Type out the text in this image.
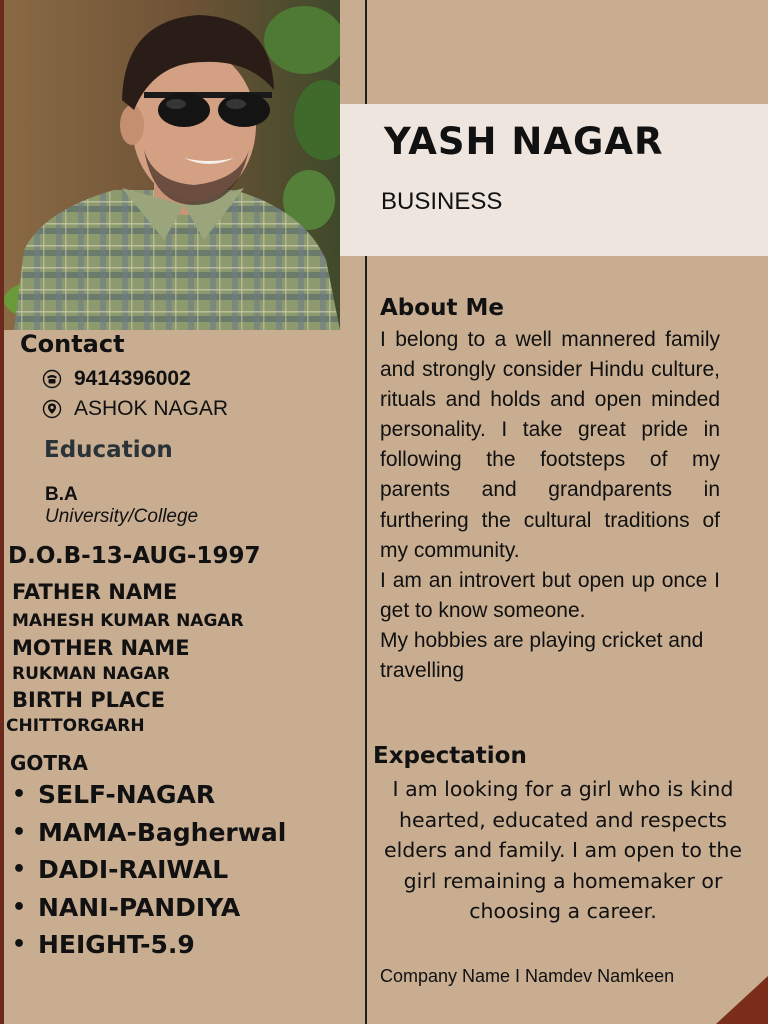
YASH NAGAR
BUSINESS
Contact
9414396002
ASHOK NAGAR
Education
B.A
University/College
D.O.B-13-AUG-1997
FATHER NAME
MAHESH KUMAR NAGAR
MOTHER NAME
RUKMAN NAGAR
BIRTH PLACE
CHITTORGARH
GOTRA
• SELF-NAGAR
• MAMA-Bagherwal
• DADI-RAIWAL
• NANI-PANDIYA
• HEIGHT-5.9
About Me

I belong to a well mannered family and strongly consider Hindu culture, rituals and holds and open minded personality. I take great pride in following the footsteps of my parents and grandparents in furthering the cultural traditions of my community.

I am an introvert but open up once I get to know someone.

My hobbies are playing cricket and travelling

Expectation
I am looking for a girl who is kind hearted, educated and respects elders and family. I am open to the girl remaining a homemaker or choosing a career.
Company Name I Namdev Namkeen
